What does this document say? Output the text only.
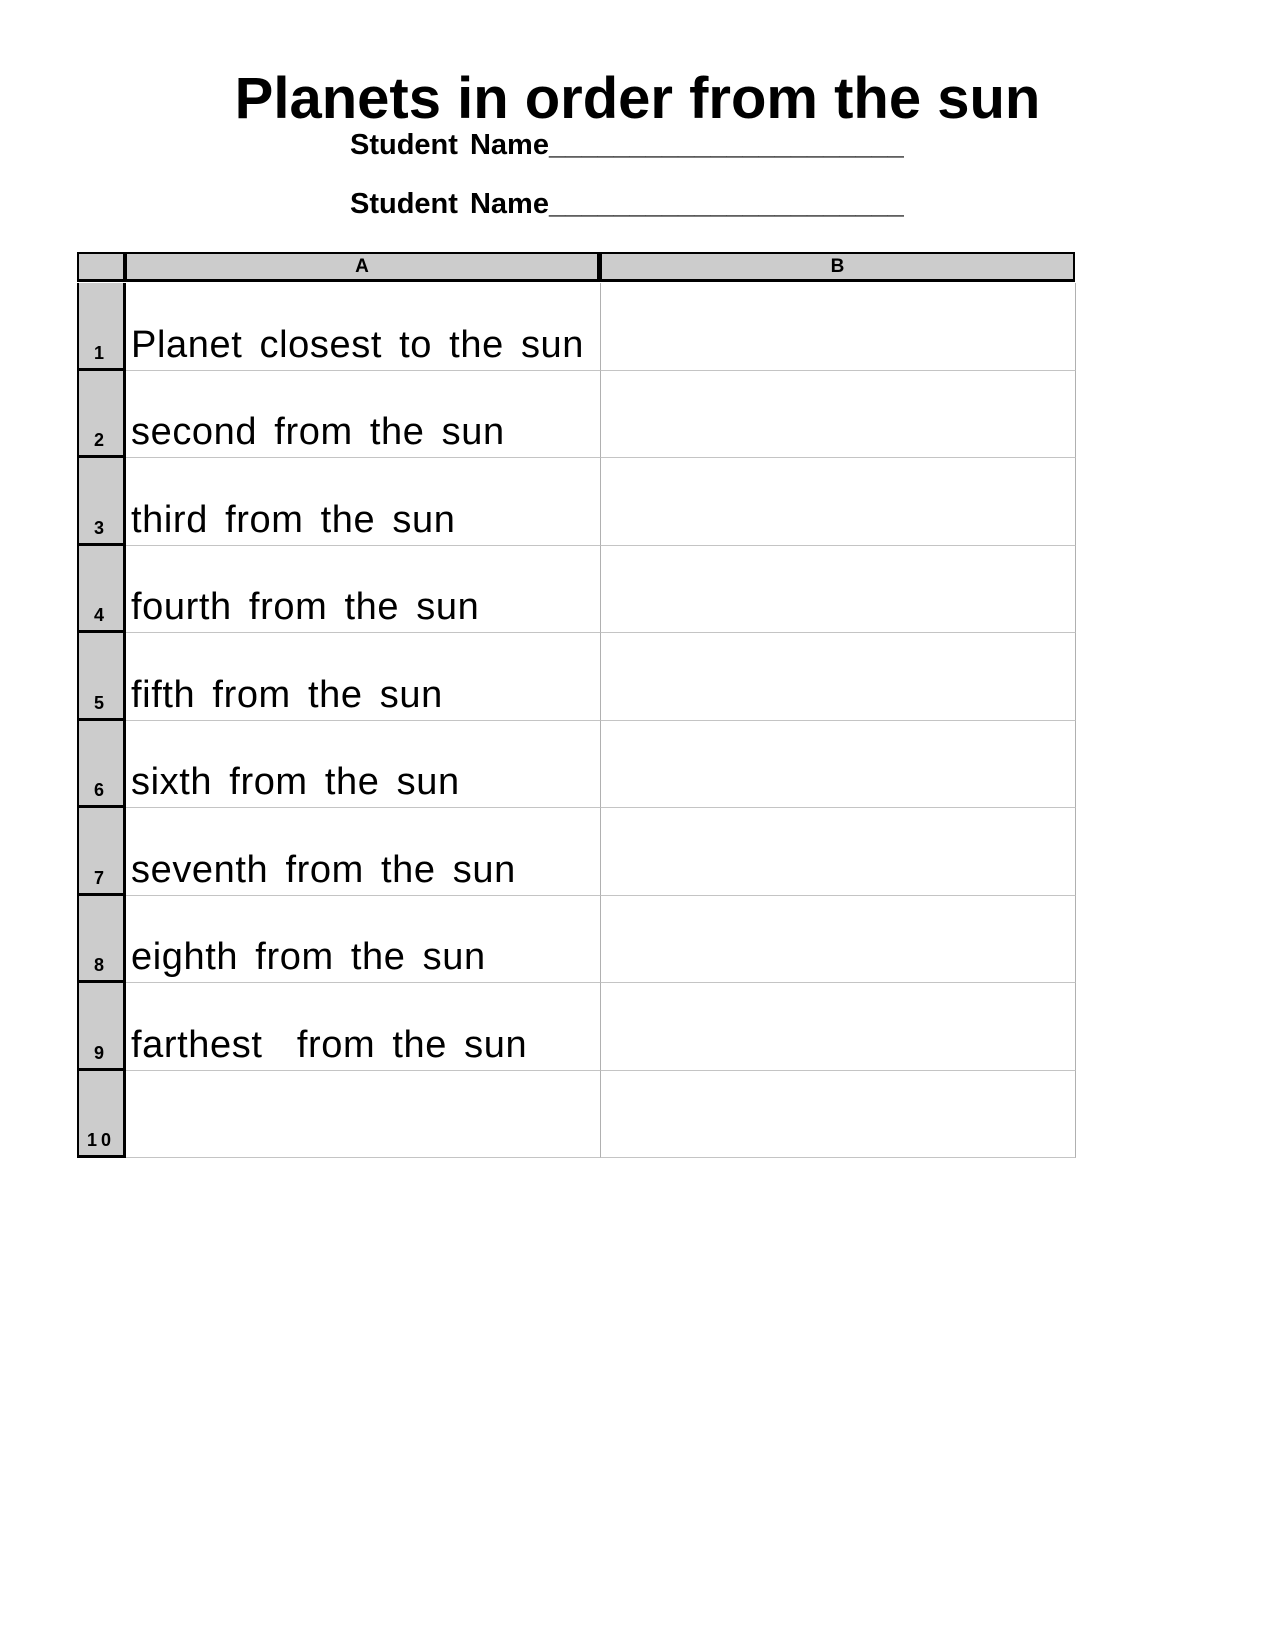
Planets in order from the sun
Student Name______________________
Student Name______________________
A	B
1 Planet closest to the sun
2 second from the sun
3 third from the sun
4 fourth from the sun
5 fifth from the sun
6 sixth from the sun
7 seventh from the sun
8 eighth from the sun
9 farthest  from the sun
10
